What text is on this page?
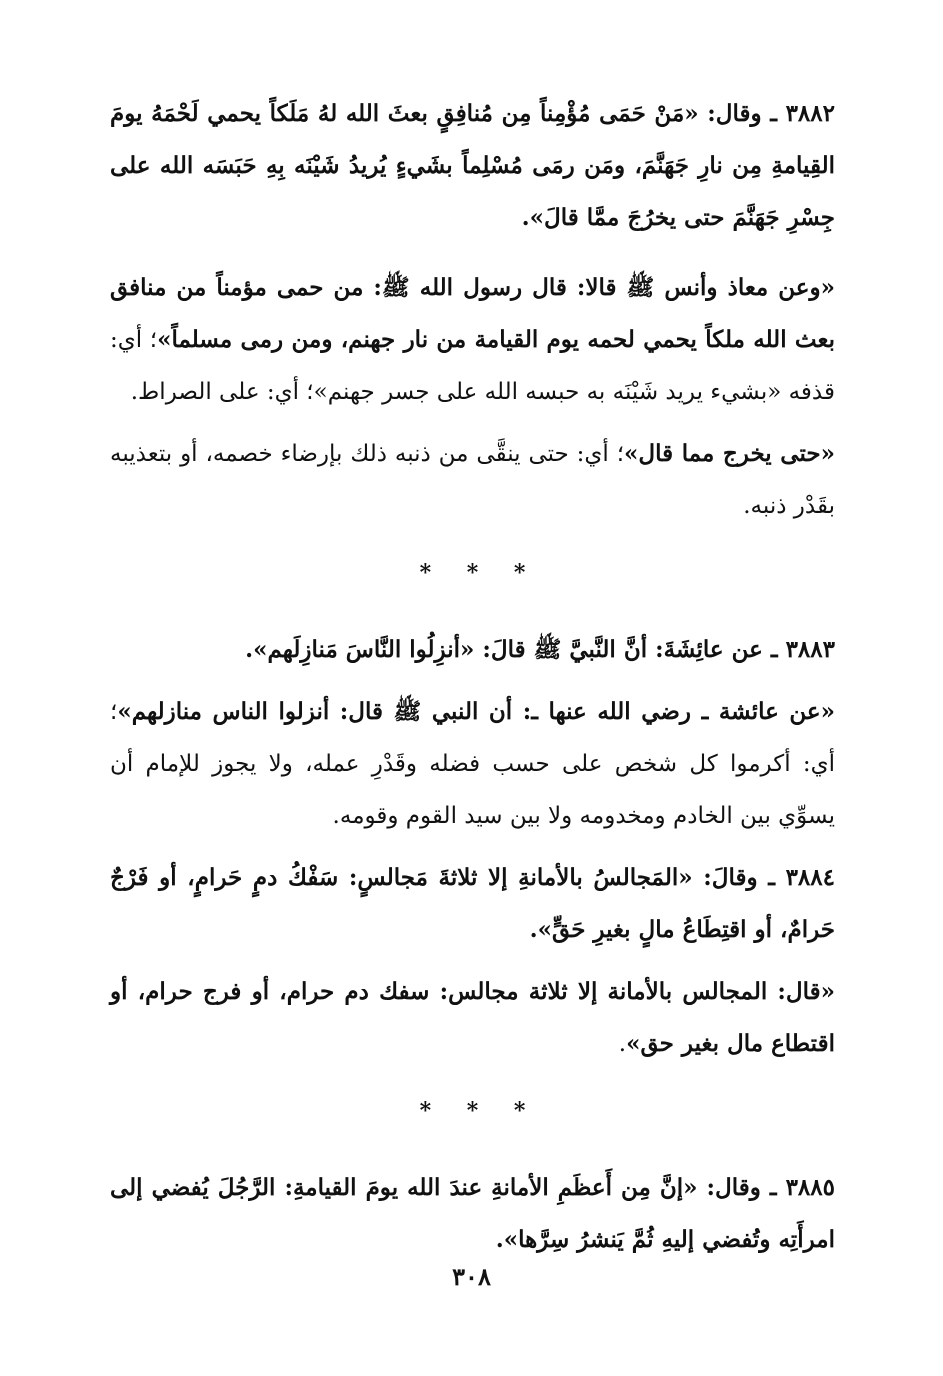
٣٨٨٢ ـ وقال: «مَنْ حَمَى مُؤْمِناً مِن مُنافِقٍ بعثَ الله لهُ مَلَكاً يحمي لَحْمَهُ يومَ القِيامةِ مِن نارِ جَهَنَّمَ، ومَن رمَى مُسْلِماً بشَيءٍ يُريدُ شَيْنَه بِهِ حَبَسَه الله على جِسْرِ جَهَنَّمَ حتى يخرُجَ ممَّا قالَ».

«وعن معاذ وأنس ﷺ قالا: قال رسول الله ﷺ: من حمى مؤمناً من منافق بعث الله ملكاً يحمي لحمه يوم القيامة من نار جهنم، ومن رمى مسلماً»؛ أي: قذفه «بشيء يريد شَيْنَه به حبسه الله على جسر جهنم»؛ أي: على الصراط.

«حتى يخرج مما قال»؛ أي: حتى ينقَّى من ذنبه ذلك بإرضاء خصمه، أو بتعذيبه بقَدْر ذنبه.

* * *

٣٨٨٣ ـ عن عائِشَةَ: أنَّ النَّبيَّ ﷺ قالَ: «أنزِلُوا النَّاسَ مَنازِلَهم».

«عن عائشة ـ رضي الله عنها ـ: أن النبي ﷺ قال: أنزلوا الناس منازلهم»؛ أي: أكرموا كل شخص على حسب فضله وقَدْرِ عمله، ولا يجوز للإمام أن يسوِّي بين الخادم ومخدومه ولا بين سيد القوم وقومه.

٣٨٨٤ ـ وقالَ: «المَجالسُ بالأمانةِ إلا ثلاثةَ مَجالسٍ: سَفْكُ دمٍ حَرامٍ، أو فَرْجٌ حَرامٌ، أو اقتِطَاعُ مالٍ بغيرِ حَقٍّ».

«قال: المجالس بالأمانة إلا ثلاثة مجالس: سفك دم حرام، أو فرج حرام، أو اقتطاع مال بغير حق».

* * *

٣٨٨٥ ـ وقال: «إنَّ مِن أَعظَمِ الأمانةِ عندَ الله يومَ القيامةِ: الرَّجُلَ يُفضي إلى امرأَتِه وتُفضي إليهِ ثُمَّ يَنشرُ سِرَّها».

٣٠٨
